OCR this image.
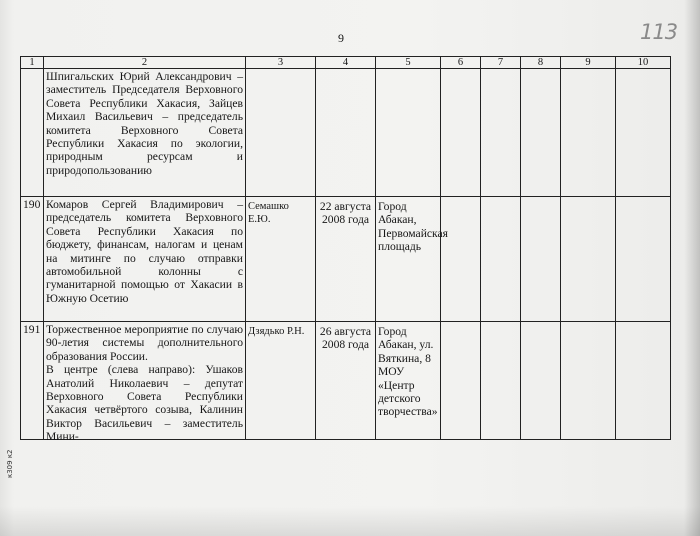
9	113
1	2	3	4	5	6	7	8	9	10
	Шпигальских Юрий Александрович – заместитель Председателя Верховного Совета Республики Хакасия, Зайцев Михаил Васильевич – председатель комитета Верховного Совета Республики Хакасия по экологии, природным ресурсам и природопользованию								
190	Комаров Сергей Владимирович – председатель комитета Верховного Совета Республики Хакасия по бюджету, финансам, налогам и ценам на митинге по случаю отправки автомобильной колонны с гуманитарной помощью от Хакасии в Южную Осетию	Семашко Е.Ю.	22 августа 2008 года	Город Абакан, Первомайская площадь					
191	Торжественное мероприятие по случаю 90-летия системы дополнительного образования России.
В центре (слева направо): Ушаков Анатолий Николаевич – депутат Верховного Совета Республики Хакасия четвёртого созыва, Калинин Виктор Васильевич – заместитель Мини-	Дзядько Р.Н.	26 августа 2008 года	Город Абакан, ул. Вяткина, 8 МОУ «Центр детского творчества»					
к309 к2
